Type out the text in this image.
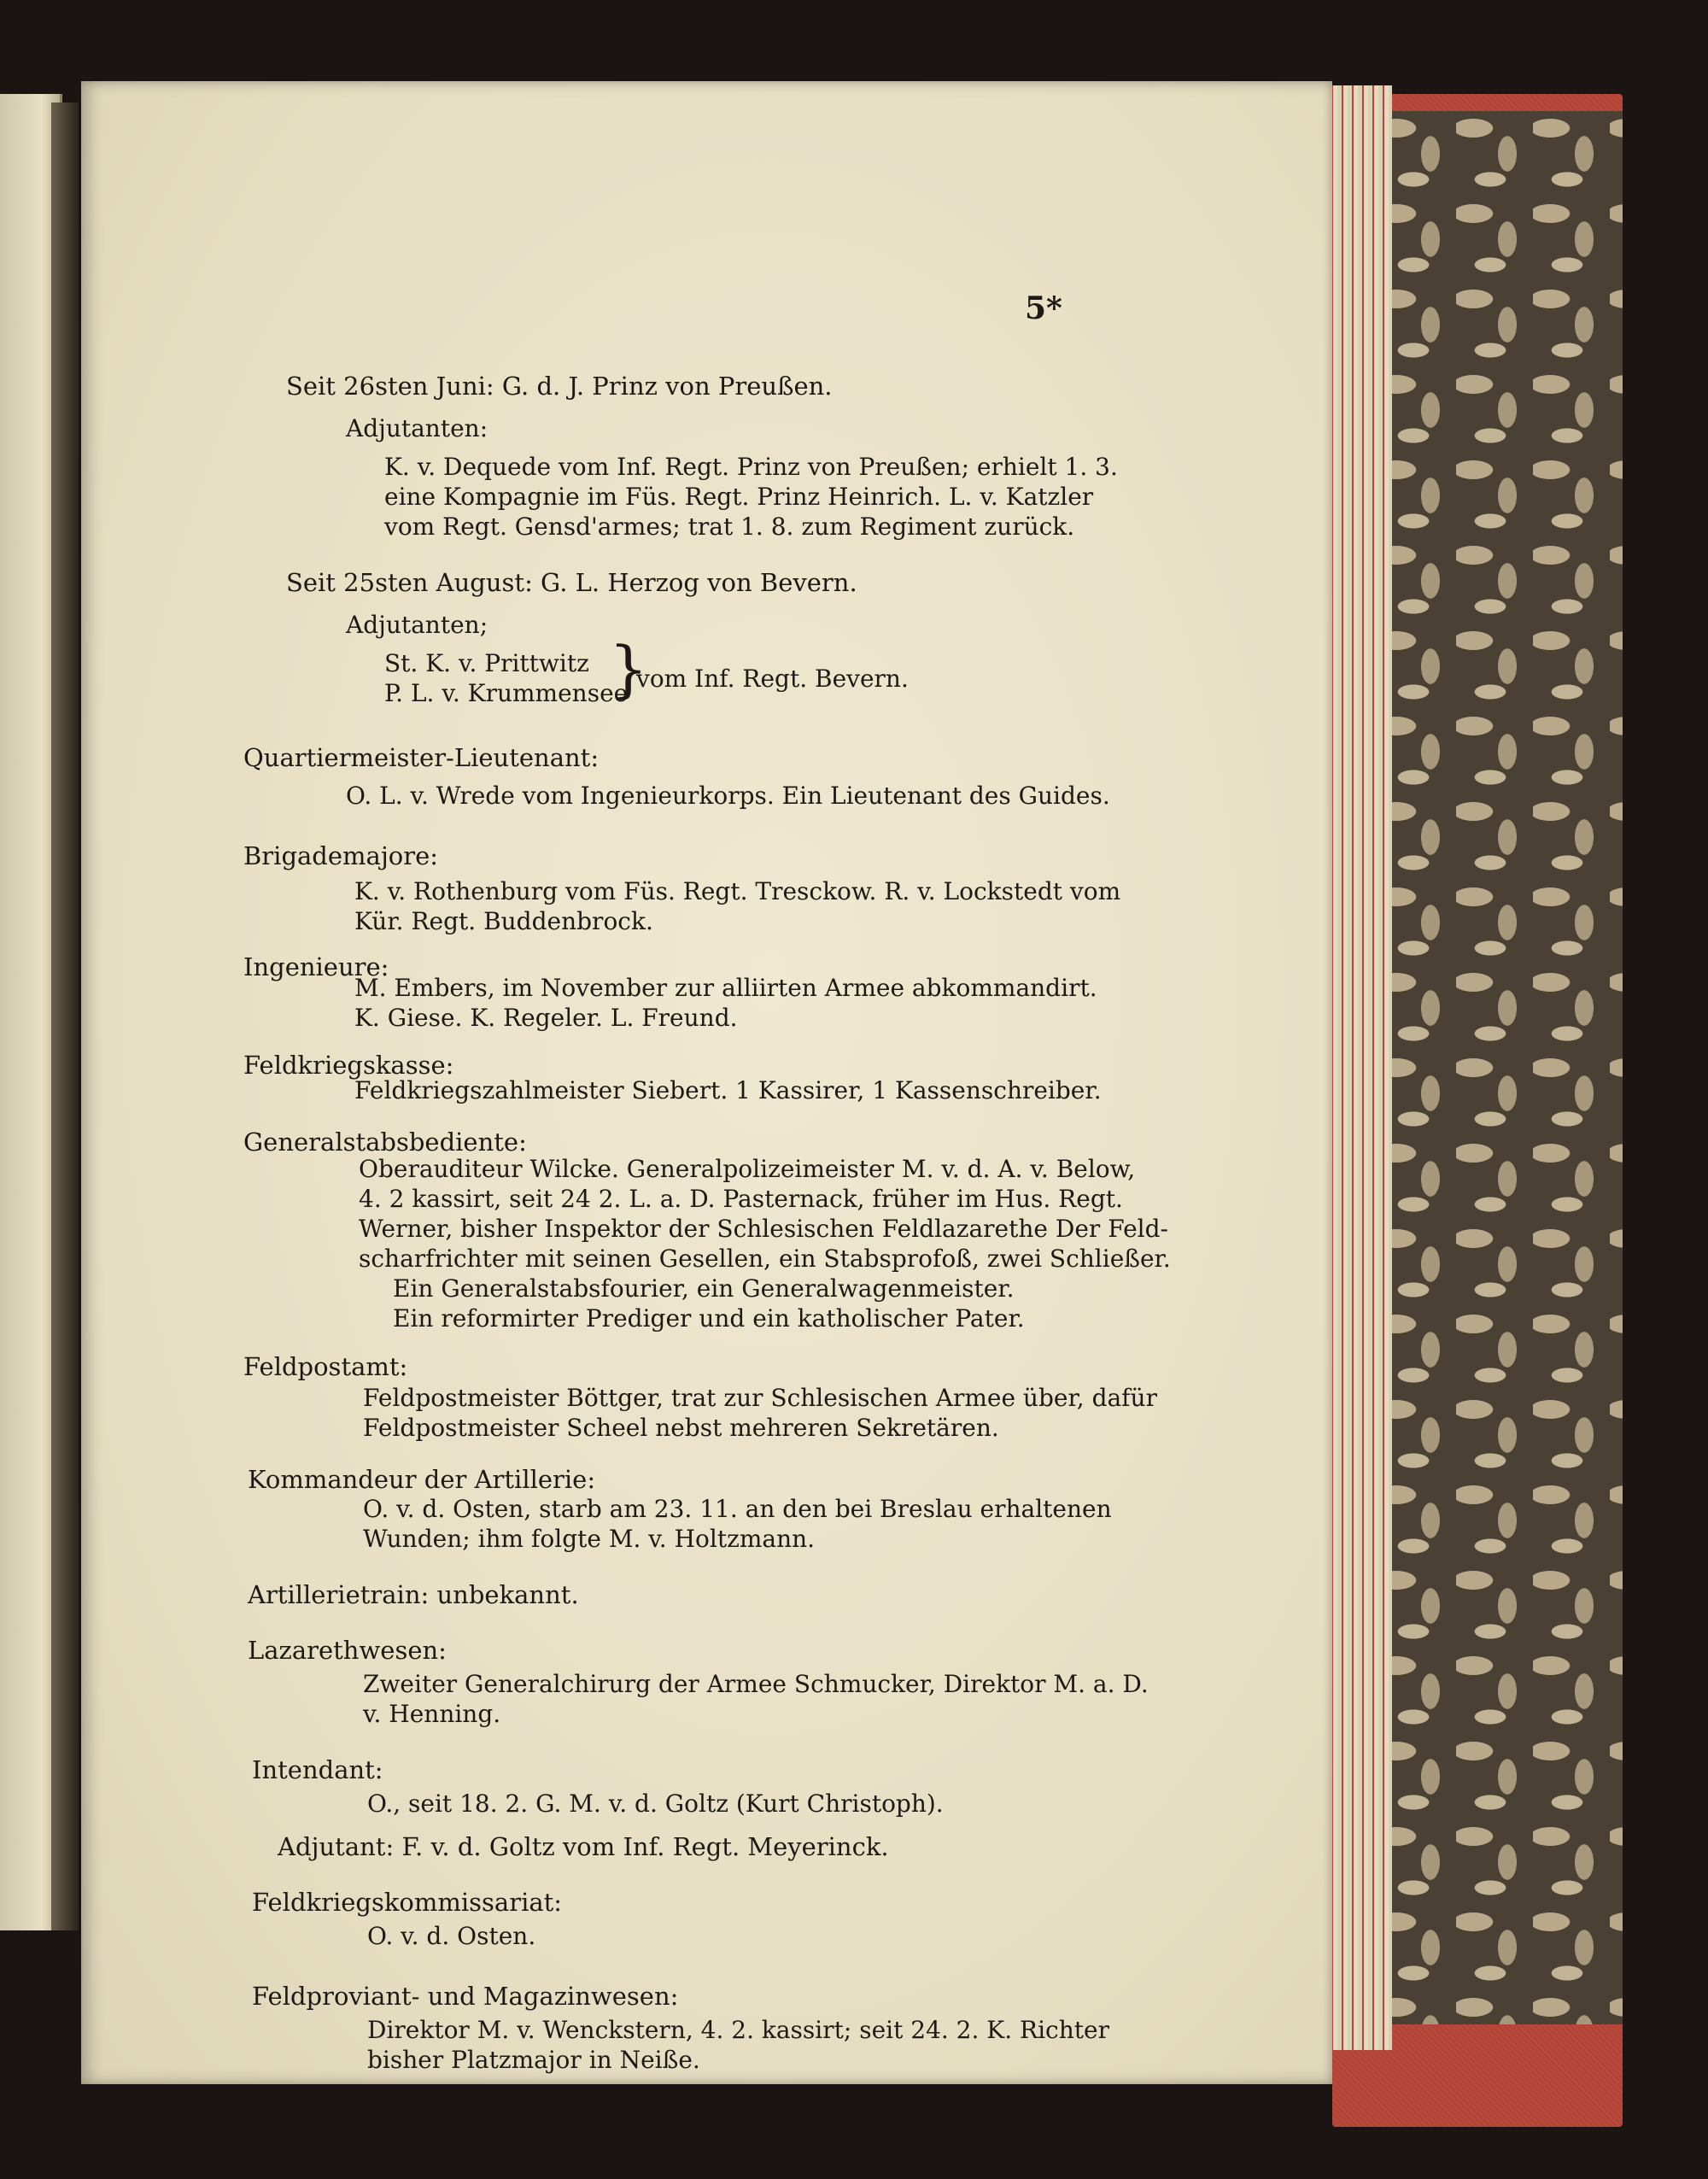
5*
Seit 26sten Juni: G. d. J. Prinz von Preußen.
Adjutanten:
K. v. Dequede vom Inf. Regt. Prinz von Preußen; erhielt 1. 3.
eine Kompagnie im Füs. Regt. Prinz Heinrich. L. v. Katzler
vom Regt. Gensd'armes; trat 1. 8. zum Regiment zurück.
Seit 25sten August: G. L. Herzog von Bevern.
Adjutanten;
St. K. v. Prittwitz
P. L. v. Krummensee
}
vom Inf. Regt. Bevern.
Quartiermeister-Lieutenant:
O. L. v. Wrede vom Ingenieurkorps. Ein Lieutenant des Guides.
Brigademajore:
K. v. Rothenburg vom Füs. Regt. Tresckow. R. v. Lockstedt vom
Kür. Regt. Buddenbrock.
Ingenieure:
M. Embers, im November zur alliirten Armee abkommandirt.
K. Giese. K. Regeler. L. Freund.
Feldkriegskasse:
Feldkriegszahlmeister Siebert. 1 Kassirer, 1 Kassenschreiber.
Generalstabsbediente:
Oberauditeur Wilcke. Generalpolizeimeister M. v. d. A. v. Below,
4. 2 kassirt, seit 24 2. L. a. D. Pasternack, früher im Hus. Regt.
Werner, bisher Inspektor der Schlesischen Feldlazarethe Der Feld-
scharfrichter mit seinen Gesellen, ein Stabsprofoß, zwei Schließer.
Ein Generalstabsfourier, ein Generalwagenmeister.
Ein reformirter Prediger und ein katholischer Pater.
Feldpostamt:
Feldpostmeister Böttger, trat zur Schlesischen Armee über, dafür
Feldpostmeister Scheel nebst mehreren Sekretären.
Kommandeur der Artillerie:
O. v. d. Osten, starb am 23. 11. an den bei Breslau erhaltenen
Wunden; ihm folgte M. v. Holtzmann.
Artillerietrain: unbekannt.
Lazarethwesen:
Zweiter Generalchirurg der Armee Schmucker, Direktor M. a. D.
v. Henning.
Intendant:
O., seit 18. 2. G. M. v. d. Goltz (Kurt Christoph).
Adjutant: F. v. d. Goltz vom Inf. Regt. Meyerinck.
Feldkriegskommissariat:
O. v. d. Osten.
Feldproviant- und Magazinwesen:
Direktor M. v. Wenckstern, 4. 2. kassirt; seit 24. 2. K. Richter
bisher Platzmajor in Neiße.
